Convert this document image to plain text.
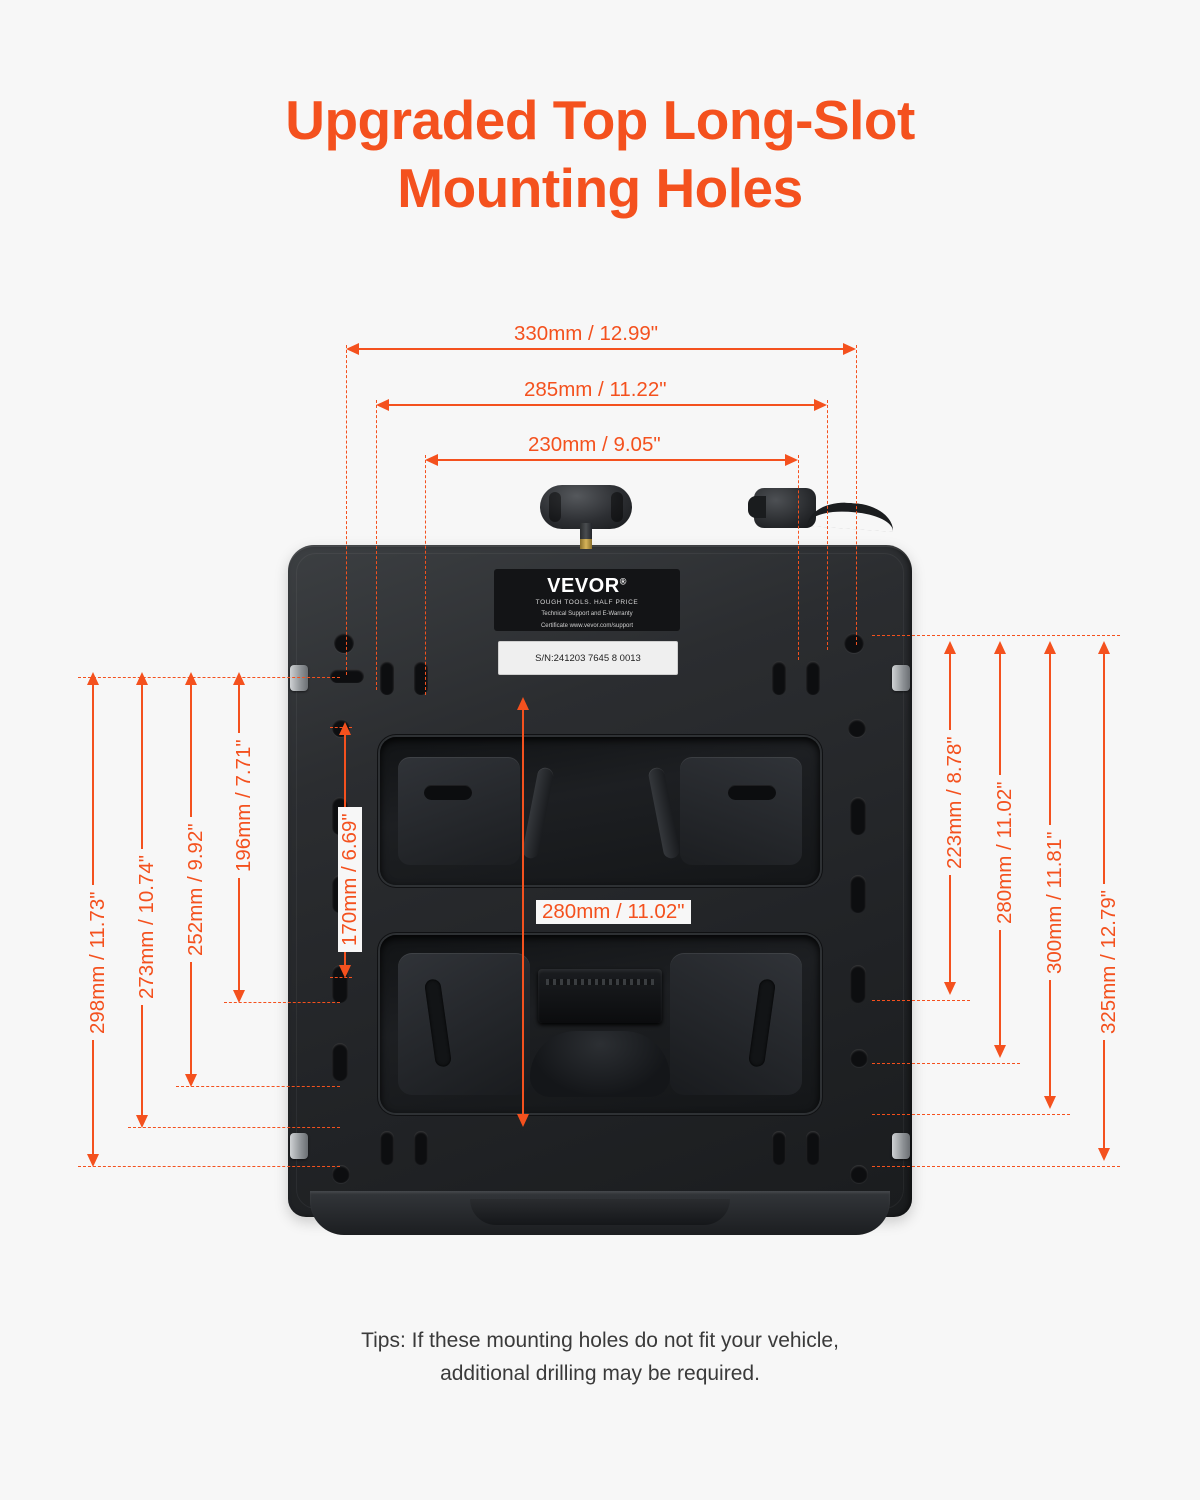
Upgraded Top Long-Slot
Mounting Holes
VEVOR®
TOUGH TOOLS. HALF PRICE
Technical Support and E-Warranty
Certificate www.vevor.com/support
S/N:241203 7645 8 0013
330mm / 12.99"
285mm / 11.22"
230mm / 9.05"
298mm / 11.73" 273mm / 10.74" 252mm / 9.92"
196mm / 7.71"
170mm / 6.69"	280mm / 11.02"
223mm / 8.78" 280mm / 11.02" 300mm / 11.81" 325mm / 12.79"
Tips: If these mounting holes do not fit your vehicle,
additional drilling may be required.
